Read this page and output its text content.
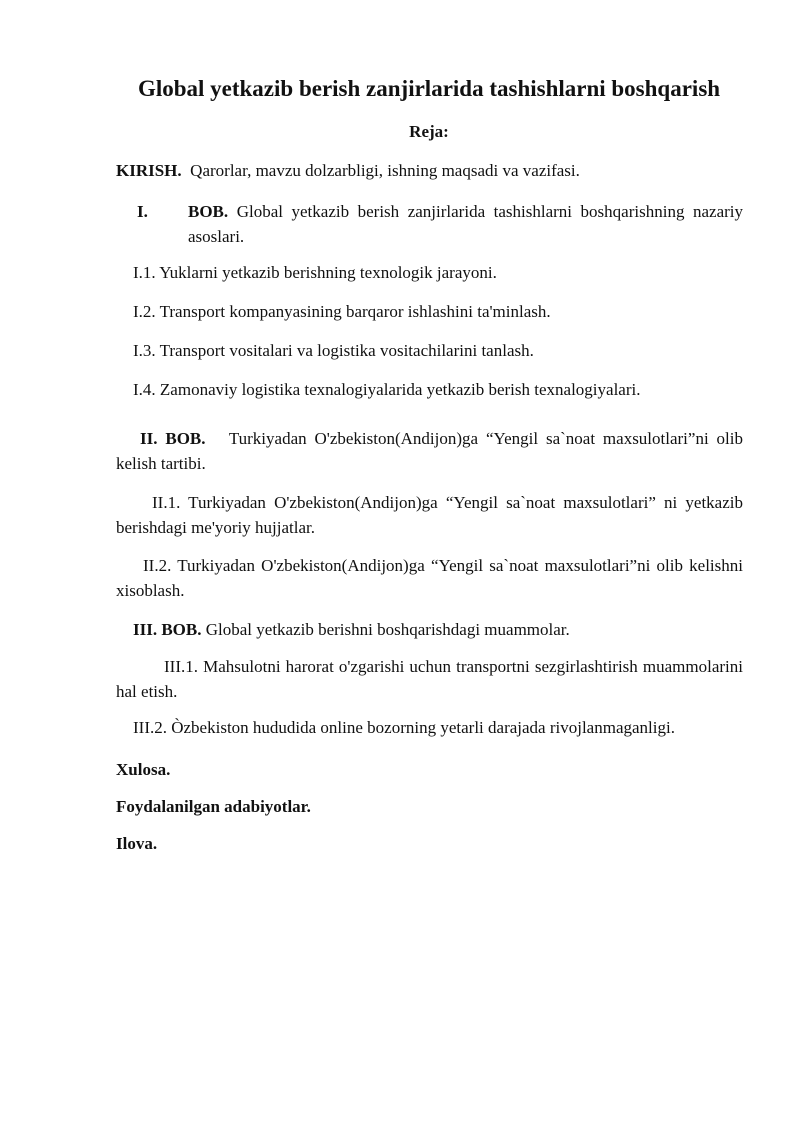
Global yetkazib berish zanjirlarida tashishlarni boshqarish
Reja:

KIRISH. Qarorlar, mavzu dolzarbligi, ishning maqsadi va vazifasi.

I. BOB. Global yetkazib berish zanjirlarida tashishlarni boshqarishning nazariy asoslari.

I.1. Yuklarni yetkazib berishning texnologik jarayoni.

I.2. Transport kompanyasining barqaror ishlashini ta'minlash.

I.3. Transport vositalari va logistika vositachilarini tanlash.

I.4. Zamonaviy logistika texnalogiyalarida yetkazib berish texnalogiyalari.

II. BOB. Turkiyadan O'zbekiston(Andijon)ga “Yengil sa`noat maxsulotlari”ni olib kelish tartibi.

II.1. Turkiyadan O'zbekiston(Andijon)ga “Yengil sa`noat maxsulotlari” ni yetkazib berishdagi me'yoriy hujjatlar.

II.2. Turkiyadan O'zbekiston(Andijon)ga “Yengil sa`noat maxsulotlari”ni olib kelishni xisoblash.

III. BOB. Global yetkazib berishni boshqarishdagi muammolar.

III.1. Mahsulotni harorat o'zgarishi uchun transportni sezgirlashtirish muammolarini hal etish.

III.2. Òzbekiston hududida online bozorning yetarli darajada rivojlanmaganligi.

Xulosa.

Foydalanilgan adabiyotlar.

Ilova.
